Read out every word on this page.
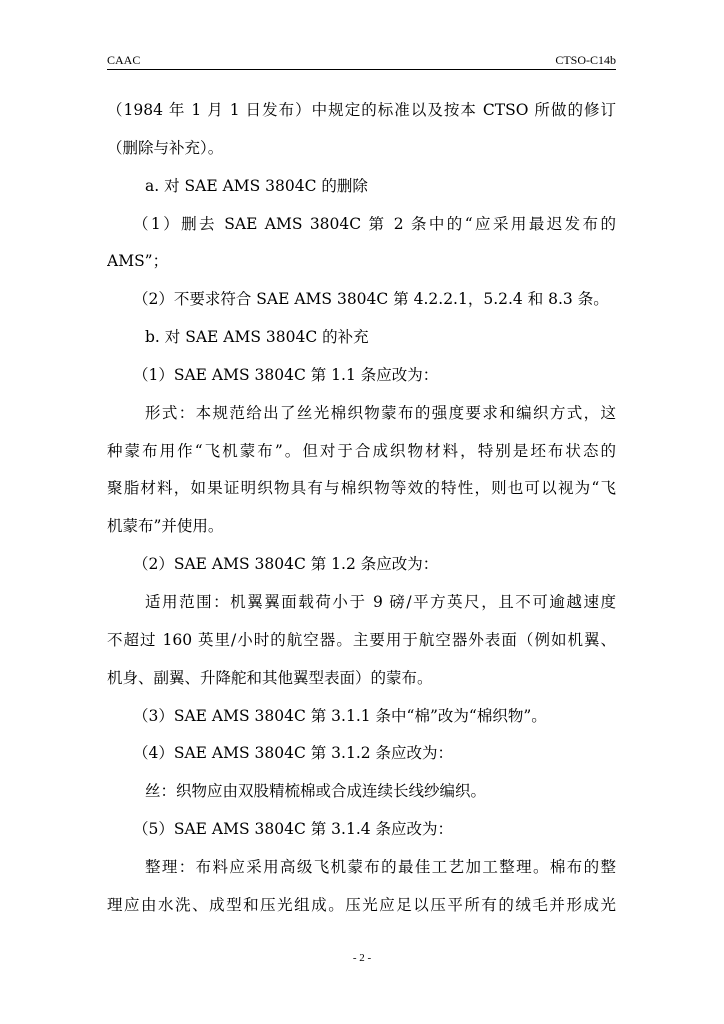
CAAC	CTSO-C14b
（1984 年 1 月 1 日发布）中规定的标准以及按本 CTSO 所做的修订
（删除与补充）。
a. 对 SAE AMS 3804C 的删除
（1）删去 SAE AMS 3804C 第 2 条中的“应采用最迟发布的
AMS”；
（2）不要求符合 SAE AMS 3804C 第 4.2.2.1，5.2.4 和 8.3 条。
b. 对 SAE AMS 3804C 的补充
（1）SAE AMS 3804C 第 1.1 条应改为：
形式：本规范给出了丝光棉织物蒙布的强度要求和编织方式，这
种蒙布用作“飞机蒙布”。但对于合成织物材料，特别是坯布状态的
聚脂材料，如果证明织物具有与棉织物等效的特性，则也可以视为“飞
机蒙布”并使用。
（2）SAE AMS 3804C 第 1.2 条应改为：
适用范围：机翼翼面载荷小于 9 磅/平方英尺，且不可逾越速度
不超过 160 英里/小时的航空器。主要用于航空器外表面（例如机翼、
机身、副翼、升降舵和其他翼型表面）的蒙布。
（3）SAE AMS 3804C 第 3.1.1 条中“棉”改为“棉织物”。
（4）SAE AMS 3804C 第 3.1.2 条应改为：
丝：织物应由双股精梳棉或合成连续长线纱编织。
（5）SAE AMS 3804C 第 3.1.4 条应改为：
整理：布料应采用高级飞机蒙布的最佳工艺加工整理。棉布的整
理应由水洗、成型和压光组成。压光应足以压平所有的绒毛并形成光
- 2 -
